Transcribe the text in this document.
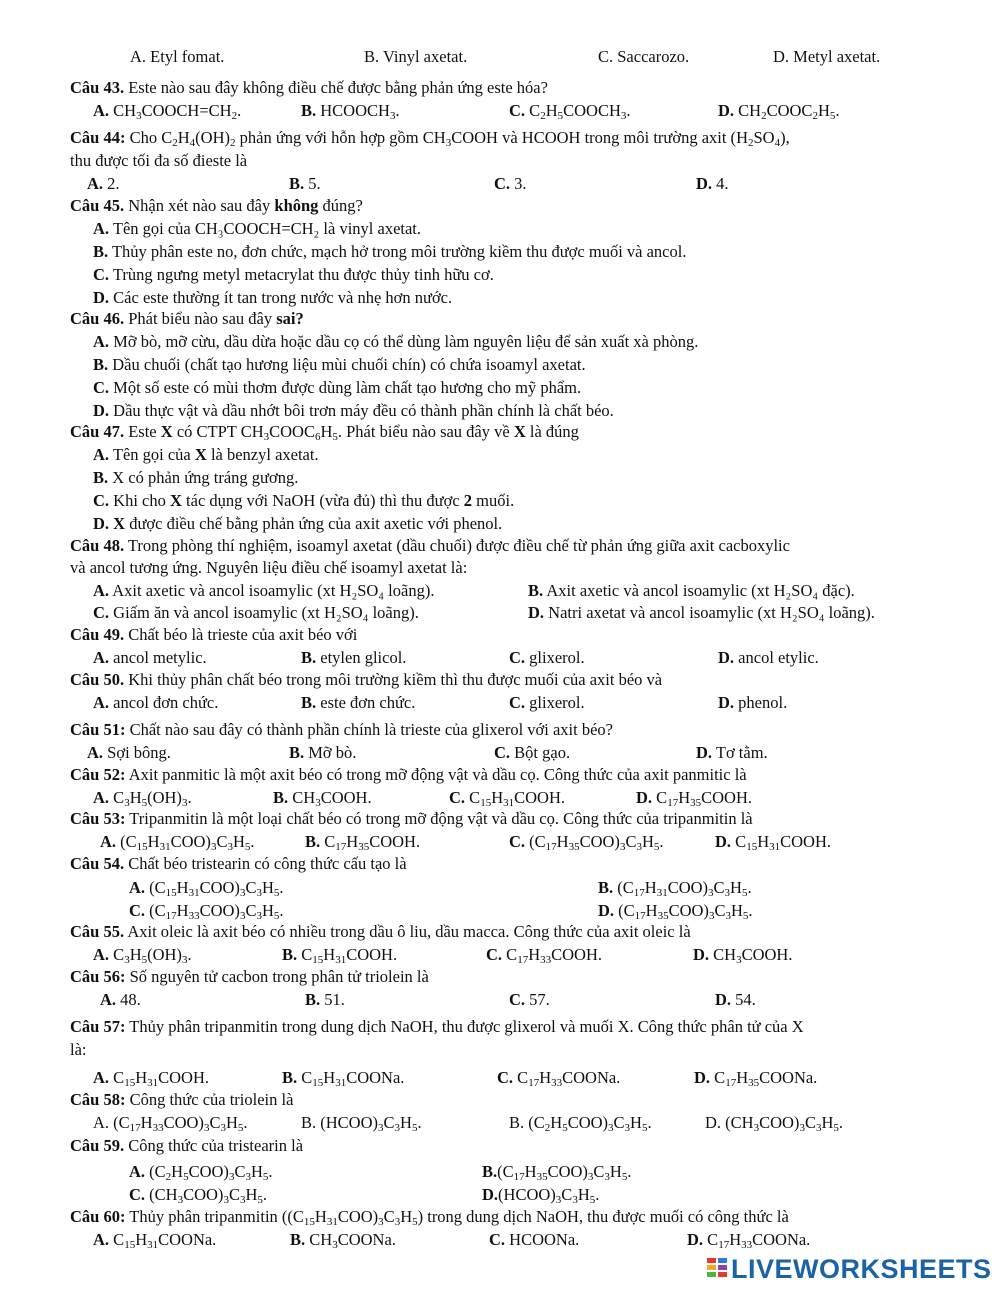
A. Etyl fomat.	B. Vinyl axetat.	C. Saccarozo.	D. Metyl axetat.
Câu 43. Este nào sau đây không điều chế được bằng phản ứng este hóa?
A. $CH_3COOCH=CH_2$.	B. $HCOOCH_3$.	C. $C_2H_5COOCH_3$.	D. $CH_2COOC_2H_5$.
Câu 44: Cho $C_2H_4(OH)_2$ phản ứng với hỗn hợp gồm $CH_3COOH$ và HCOOH trong môi trường axit $(H_2SO_4)$,
thu được tối đa số đieste là
A. 2.	B. 5.	C. 3.	D. 4.
Câu 45. Nhận xét nào sau đây không đúng?
A. Tên gọi của CH₃COOCH=CH₂ là vinyl axetat.
B. Thủy phân este no, đơn chức, mạch hở trong môi trường kiềm thu được muối và ancol.
C. Trùng ngưng metyl metacrylat thu được thủy tinh hữu cơ.
D. Các este thường ít tan trong nước và nhẹ hơn nước.
Câu 46. Phát biểu nào sau đây sai?
A. Mỡ bò, mỡ cừu, dầu dừa hoặc dầu cọ có thể dùng làm nguyên liệu để sản xuất xà phòng.
B. Dầu chuối (chất tạo hương liệu mùi chuối chín) có chứa isoamyl axetat.
C. Một số este có mùi thơm được dùng làm chất tạo hương cho mỹ phẩm.
D. Dầu thực vật và dầu nhớt bôi trơn máy đều có thành phần chính là chất béo.
Câu 47. Este X có CTPT $CH_3COOC_6H_5$. Phát biểu nào sau đây về X là đúng
A. Tên gọi của X là benzyl axetat.
B. X có phản ứng tráng gương.
C. Khi cho X tác dụng với NaOH (vừa đủ) thì thu được 2 muối.
D. X được điều chế bằng phản ứng của axit axetic với phenol.
Câu 48. Trong phòng thí nghiệm, isoamyl axetat (dầu chuối) được điều chế từ phản ứng giữa axit cacboxylic
và ancol tương ứng. Nguyên liệu điều chế isoamyl axetat là:
A. Axit axetic và ancol isoamylic (xt H₂SO₄ loãng).	B. Axit axetic và ancol isoamylic (xt H₂SO₄ đặc).
C. Giấm ăn và ancol isoamylic (xt H₂SO₄ loãng).	D. Natri axetat và ancol isoamylic (xt H₂SO₄ loãng).
Câu 49. Chất béo là trieste của axit béo với
A. ancol metylic.	B. etylen glicol.	C. glixerol.	D. ancol etylic.
Câu 50. Khi thủy phân chất béo trong môi trường kiềm thì thu được muối của axit béo và
A. ancol đơn chức.	B. este đơn chức.	C. glixerol.	D. phenol.
Câu 51: Chất nào sau đây có thành phần chính là trieste của glixerol với axit béo?
A. Sợi bông.	B. Mỡ bò.	C. Bột gạo.	D. Tơ tằm.
Câu 52: Axit panmitic là một axit béo có trong mỡ động vật và dầu cọ. Công thức của axit panmitic là
A. $C_3H_5(OH)_3$.	B. $CH_3COOH$.	C. $C_{15}H_{31}COOH$.	D. $C_{17}H_{35}COOH$.
Câu 53: Tripanmitin là một loại chất béo có trong mỡ động vật và dầu cọ. Công thức của tripanmitin là
A. $(C_{15}H_{31}COO)_3C_3H_5$.	B. $C_{17}H_{35}COOH$.	C. $(C_{17}H_{35}COO)_3C_3H_5$.	D. $C_{15}H_{31}COOH$.
Câu 54. Chất béo tristearin có công thức cấu tạo là
A. $(C_{15}H_{31}COO)_3C_3H_5$.	B. $(C_{17}H_{31}COO)_3C_3H_5$.
C. $(C_{17}H_{33}COO)_3C_3H_5$.	D. $(C_{17}H_{35}COO)_3C_3H_5$.
Câu 55. Axit oleic là axit béo có nhiều trong dầu ô liu, dầu macca. Công thức của axit oleic là
A. $C_3H_5(OH)_3$.	B. $C_{15}H_{31}COOH$.	C. $C_{17}H_{33}COOH$.	D. $CH_3COOH$.
Câu 56: Số nguyên tử cacbon trong phân tử triolein là
A. 48.	B. 51.	C. 57.	D. 54.
Câu 57: Thủy phân tripanmitin trong dung dịch NaOH, thu được glixerol và muối X. Công thức phân tử của X
là:
A. $C_{15}H_{31}COOH$.	B. $C_{15}H_{31}COONa$.	C. $C_{17}H_{33}COONa$.	D. $C_{17}H_{35}COONa$.
Câu 58: Công thức của triolein là
A. $(C_{17}H_{33}COO)_3C_3H_5$.	B. $(HCOO)_3C_3H_5$.	B. $(C_2H_5COO)_3C_3H_5$.	D. $(CH_3COO)_3C_3H_5$.
Câu 59. Công thức của tristearin là
A. $(C_2H_5COO)_3C_3H_5$.	$B.(C_{17}H_{35}COO)_3C_3H_5$.
C. $(CH_3COO)_3C_3H_5$.	$D.(HCOO)_3C_3H_5$.
Câu 60: Thủy phân tripanmitin $((C_{15}H_{31}COO)_3C_3H_5)$ trong dung dịch NaOH, thu được muối có công thức là
A. $C_{15}H_{31}COONa$.	B. $CH_3COONa$.	C. HCOONa.	D. $C_{17}H_{33}COONa$.
LIVEWORKSHEETS
